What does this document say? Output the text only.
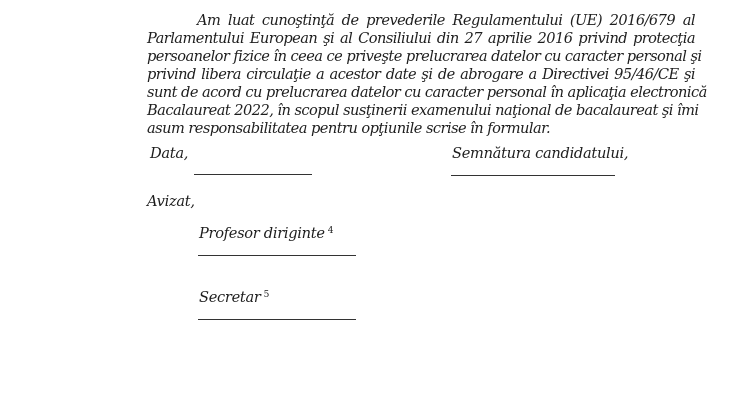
Am luat cunoştinţă de prevederile Regulamentului (UE) 2016/679 al
Parlamentului European şi al Consiliului din 27 aprilie 2016 privind protecţia
persoanelor fizice în ceea ce priveşte prelucrarea datelor cu caracter personal şi
privind libera circulaţie a acestor date şi de abrogare a Directivei 95/46/CE şi
sunt de acord cu prelucrarea datelor cu caracter personal în aplicaţia electronică
Bacalaureat 2022, în scopul susţinerii examenului naţional de bacalaureat şi îmi
asum responsabilitatea pentru opţiunile scrise în formular.
Data,	Semnătura candidatului,
Avizat,
Profesor diriginte $^4$
Secretar $^5$
